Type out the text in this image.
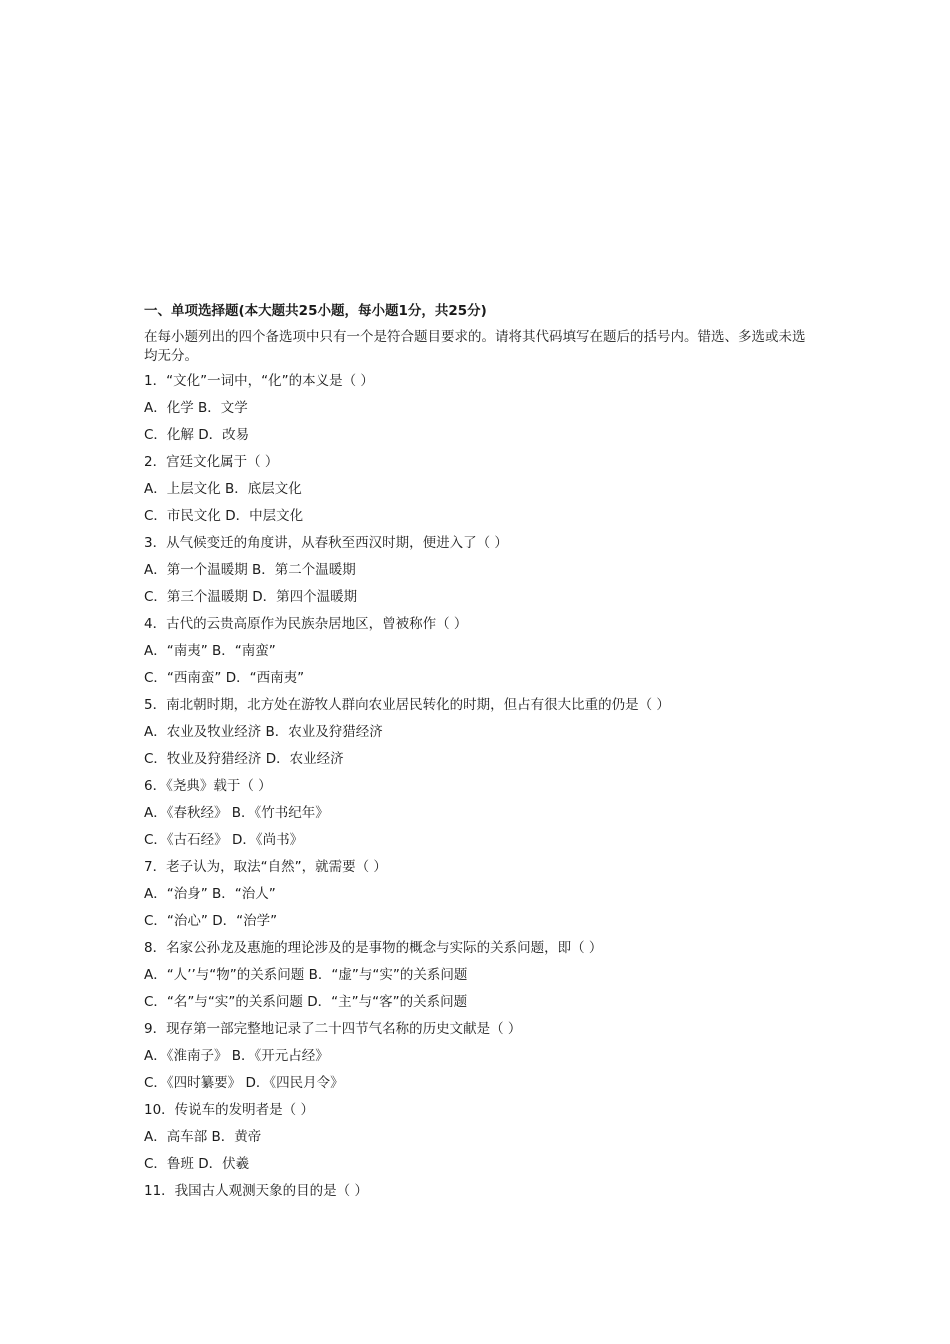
一、单项选择题(本大题共25小题，每小题1分，共25分)
在每小题列出的四个备选项中只有一个是符合题目要求的。请将其代码填写在题后的括号内。错选、多选或未选均无分。
1．“文化”一词中，“化”的本义是（ ）
A．化学 B．文学
C．化解 D．改易
2．宫廷文化属于（ ）
A．上层文化 B．底层文化
C．市民文化 D．中层文化
3．从气候变迁的角度讲，从春秋至西汉时期，便进入了（ ）
A．第一个温暖期 B．第二个温暖期
C．第三个温暖期 D．第四个温暖期
4．古代的云贵高原作为民族杂居地区，曾被称作（ ）
A．“南夷” B．“南蛮”
C．“西南蛮” D．“西南夷”
5．南北朝时期，北方处在游牧人群向农业居民转化的时期，但占有很大比重的仍是（ ）
A．农业及牧业经济 B．农业及狩猎经济
C．牧业及狩猎经济 D．农业经济
6．《尧典》载于（ ）
A．《春秋经》 B．《竹书纪年》
C．《古石经》 D．《尚书》
7．老子认为，取法“自然”，就需要（ ）
A．“治身” B．“治人”
C．“治心” D．“治学”
8．名家公孙龙及惠施的理论涉及的是事物的概念与实际的关系问题，即（ ）
A．“人’’与“物”的关系问题 B．“虚”与“实”的关系问题
C．“名”与“实”的关系问题 D．“主”与“客”的关系问题
9．现存第一部完整地记录了二十四节气名称的历史文献是（ ）
A．《淮南子》 B．《开元占经》
C．《四时纂要》 D．《四民月令》
10．传说车的发明者是（ ）
A．高车部 B．黄帝
C．鲁班 D．伏羲
11．我国古人观测天象的目的是（ ）
